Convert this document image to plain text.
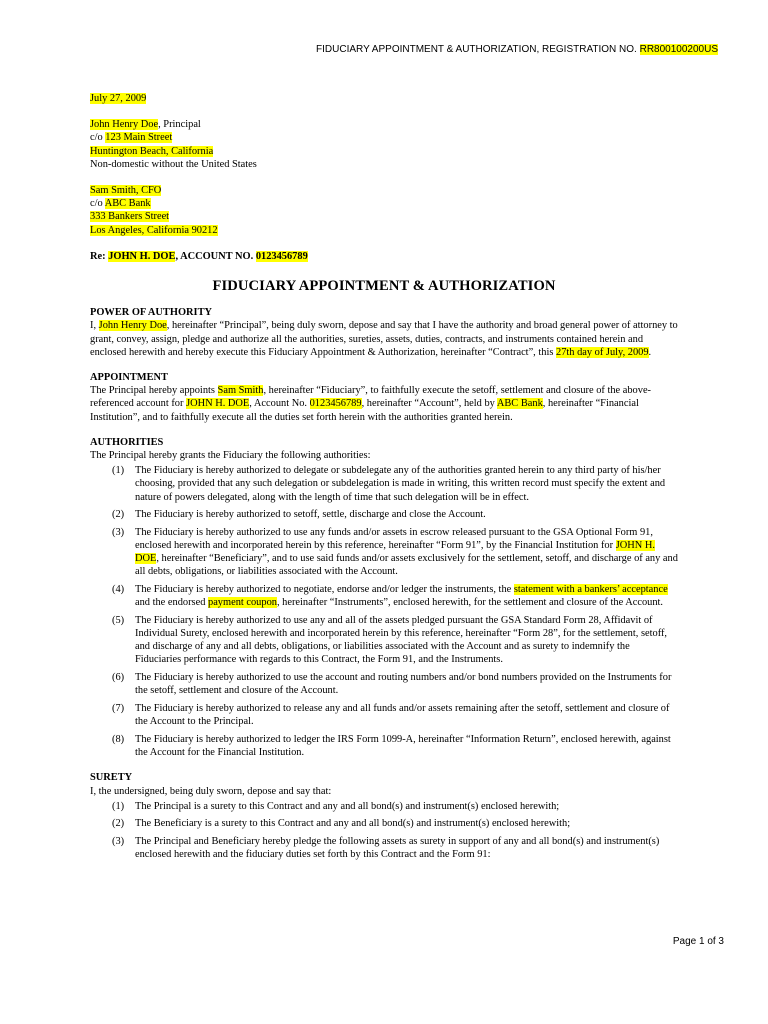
FIDUCIARY APPOINTMENT & AUTHORIZATION, REGISTRATION NO. RR800100200US
July 27, 2009
John Henry Doe, Principal
c/o 123 Main Street
Huntington Beach, California
Non-domestic without the United States
Sam Smith, CFO
c/o ABC Bank
333 Bankers Street
Los Angeles, California 90212
Re: JOHN H. DOE, ACCOUNT NO. 0123456789
FIDUCIARY APPOINTMENT & AUTHORIZATION
POWER OF AUTHORITY
I, John Henry Doe, hereinafter “Principal”, being duly sworn, depose and say that I have the authority and broad general power of attorney to grant, convey, assign, pledge and authorize all the authorities, sureties, assets, duties, contracts, and instruments contained herein and enclosed herewith and hereby execute this Fiduciary Appointment & Authorization, hereinafter “Contract”, this 27th day of July, 2009.
APPOINTMENT
The Principal hereby appoints Sam Smith, hereinafter “Fiduciary”, to faithfully execute the setoff, settlement and closure of the above-referenced account for JOHN H. DOE, Account No. 0123456789, hereinafter “Account”, held by ABC Bank, hereinafter “Financial Institution”, and to faithfully execute all the duties set forth herein with the authorities granted herein.
AUTHORITIES
The Principal hereby grants the Fiduciary the following authorities:
(1) The Fiduciary is hereby authorized to delegate or subdelegate any of the authorities granted herein to any third party of his/her choosing, provided that any such delegation or subdelegation is made in writing, this written record must specify the extent and nature of powers delegated, along with the length of time that such delegation will be in effect.
(2) The Fiduciary is hereby authorized to setoff, settle, discharge and close the Account.
(3) The Fiduciary is hereby authorized to use any funds and/or assets in escrow released pursuant to the GSA Optional Form 91, enclosed herewith and incorporated herein by this reference, hereinafter “Form 91”, by the Financial Institution for JOHN H. DOE, hereinafter “Beneficiary”, and to use said funds and/or assets exclusively for the settlement, setoff, and discharge of any and all debts, obligations, or liabilities associated with the Account.
(4) The Fiduciary is hereby authorized to negotiate, endorse and/or ledger the instruments, the statement with a bankers’ acceptance and the endorsed payment coupon, hereinafter “Instruments”, enclosed herewith, for the settlement and closure of the Account.
(5) The Fiduciary is hereby authorized to use any and all of the assets pledged pursuant the GSA Standard Form 28, Affidavit of Individual Surety, enclosed herewith and incorporated herein by this reference, hereinafter “Form 28”, for the settlement, setoff, and discharge of any and all debts, obligations, or liabilities associated with the Account and as surety to indemnify the Fiduciaries performance with regards to this Contract, the Form 91, and the Instruments.
(6) The Fiduciary is hereby authorized to use the account and routing numbers and/or bond numbers provided on the Instruments for the setoff, settlement and closure of the Account.
(7) The Fiduciary is hereby authorized to release any and all funds and/or assets remaining after the setoff, settlement and closure of the Account to the Principal.
(8) The Fiduciary is hereby authorized to ledger the IRS Form 1099-A, hereinafter “Information Return”, enclosed herewith, against the Account for the Financial Institution.
SURETY
I, the undersigned, being duly sworn, depose and say that:
(1) The Principal is a surety to this Contract and any and all bond(s) and instrument(s) enclosed herewith;
(2) The Beneficiary is a surety to this Contract and any and all bond(s) and instrument(s) enclosed herewith;
(3) The Principal and Beneficiary hereby pledge the following assets as surety in support of any and all bond(s) and instrument(s) enclosed herewith and the fiduciary duties set forth by this Contract and the Form 91:
Page 1 of 3
